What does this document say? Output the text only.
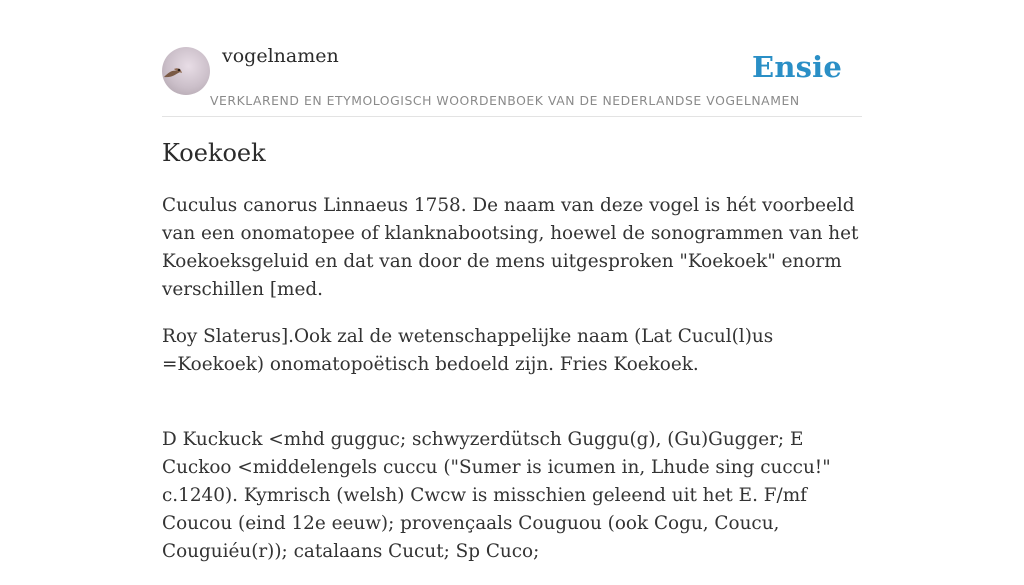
vogelnamen	Ensie
VERKLAREND EN ETYMOLOGISCH WOORDENBOEK VAN DE NEDERLANDSE VOGELNAMEN
Koekoek

Cuculus canorus Linnaeus 1758. De naam van deze vogel is hét voorbeeld van een onomatopee of klanknabootsing, hoewel de sonogrammen van het Koekoeksgeluid en dat van door de mens uitgesproken "Koekoek" enorm verschillen [med.

Roy Slaterus].Ook zal de wetenschappelijke naam (Lat Cucul(l)us =Koekoek) onomatopoëtisch bedoeld zijn. Fries Koekoek.

D Kuckuck <mhd gugguc; schwyzerdütsch Guggu(g), (Gu)Gugger; E Cuckoo <middelengels cuccu ("Sumer is icumen in, Lhude sing cuccu!" c.1240). Kymrisch (welsh) Cwcw is misschien geleend uit het E. F/mf Coucou (eind 12e eeuw); provençaals Couguou (ook Cogu, Coucu, Couguiéu(r)); catalaans Cucut; Sp Cuco;
